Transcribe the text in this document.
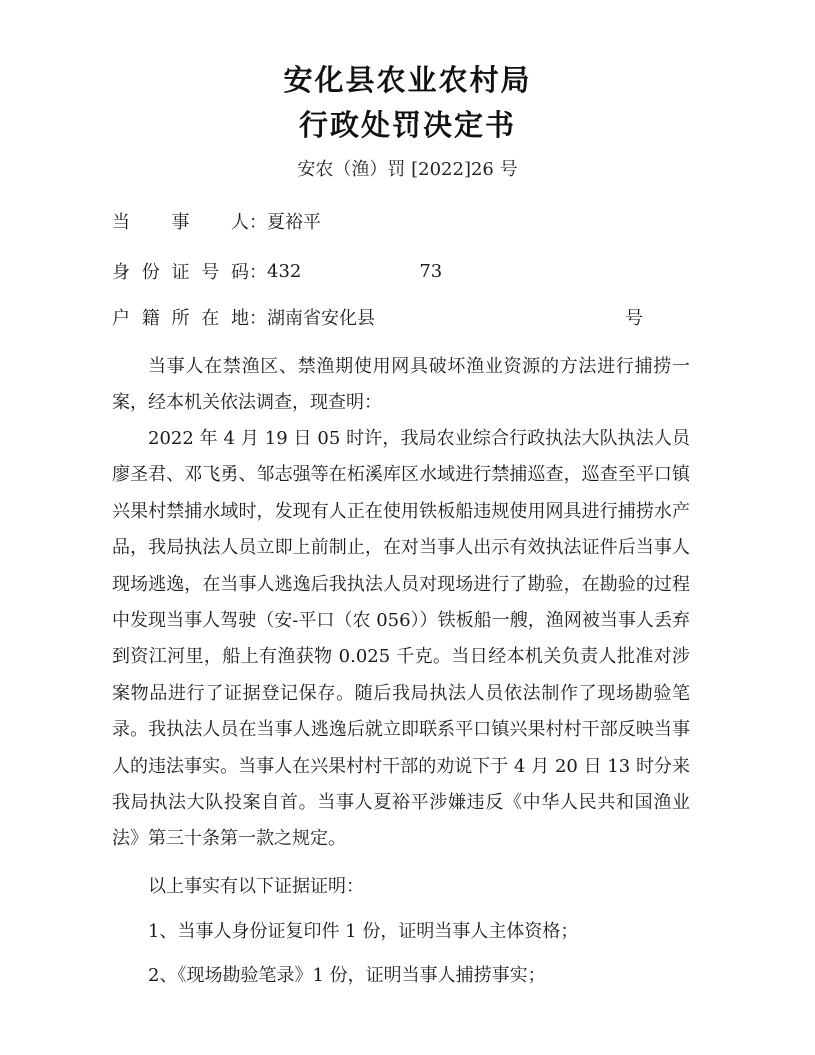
安化县农业农村局
行政处罚决定书
安农（渔）罚 [2022]26 号
当 事 人： 夏裕平
身 份 证 号 码： 432	73
户 籍 所 在 地： 湖南省安化县	号
当事人在禁渔区、禁渔期使用网具破坏渔业资源的方法进行捕捞一案，经本机关依法调查，现查明：
2022 年 4 月 19 日 05 时许，我局农业综合行政执法大队执法人员廖圣君、邓飞勇、邹志强等在柘溪库区水域进行禁捕巡查，巡查至平口镇兴果村禁捕水域时，发现有人正在使用铁板船违规使用网具进行捕捞水产品，我局执法人员立即上前制止，在对当事人出示有效执法证件后当事人现场逃逸，在当事人逃逸后我执法人员对现场进行了勘验，在勘验的过程中发现当事人驾驶（安-平口（农 056））铁板船一艘，渔网被当事人丢弃到资江河里，船上有渔获物 0.025 千克。当日经本机关负责人批准对涉案物品进行了证据登记保存。随后我局执法人员依法制作了现场勘验笔录。我执法人员在当事人逃逸后就立即联系平口镇兴果村村干部反映当事人的违法事实。当事人在兴果村村干部的劝说下于 4 月 20 日 13 时分来我局执法大队投案自首。当事人夏裕平涉嫌违反《中华人民共和国渔业法》第三十条第一款之规定。
以上事实有以下证据证明：
1、当事人身份证复印件 1 份，证明当事人主体资格；
2、《现场勘验笔录》1 份，证明当事人捕捞事实；
